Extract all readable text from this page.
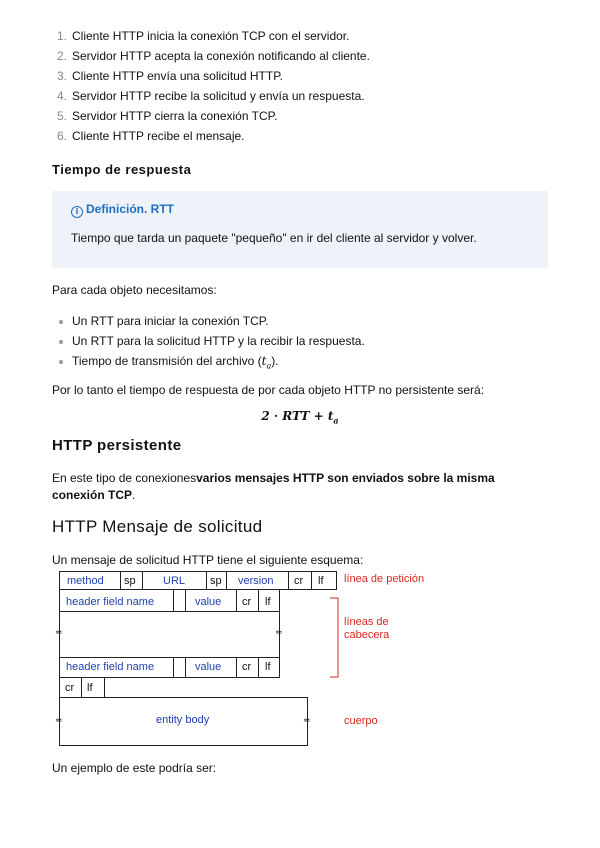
1. Cliente HTTP inicia la conexión TCP con el servidor.
2. Servidor HTTP acepta la conexión notificando al cliente.
3. Cliente HTTP envía una solicitud HTTP.
4. Servidor HTTP recibe la solicitud y envía un respuesta.
5. Servidor HTTP cierra la conexión TCP.
6. Cliente HTTP recibe el mensaje.
Tiempo de respuesta
i Definición. RTT
Tiempo que tarda un paquete "pequeño" en ir del cliente al servidor y volver.

Para cada objeto necesitamos:

Un RTT para iniciar la conexión TCP.
Un RTT para la solicitud HTTP y la recibir la respuesta.
Tiempo de transmisión del archivo $(t_a)$.

Por lo tanto el tiempo de respuesta de por cada objeto HTTP no persistente será:

2 · RTT + $t_a$
HTTP persistente

En este tipo de conexionesvarios mensajes HTTP son enviados sobre la misma conexión TCP.

HTTP Mensaje de solicitud

Un mensaje de solicitud HTTP tiene el siguiente esquema:

method sp URL sp version cr lf línea de petición
header field name	value cr lf
≈	≈
líneas de
cabecera
header field name	value cr lf
cr lf
≈	entity body	≈	cuerpo

Un ejemplo de este podría ser:
